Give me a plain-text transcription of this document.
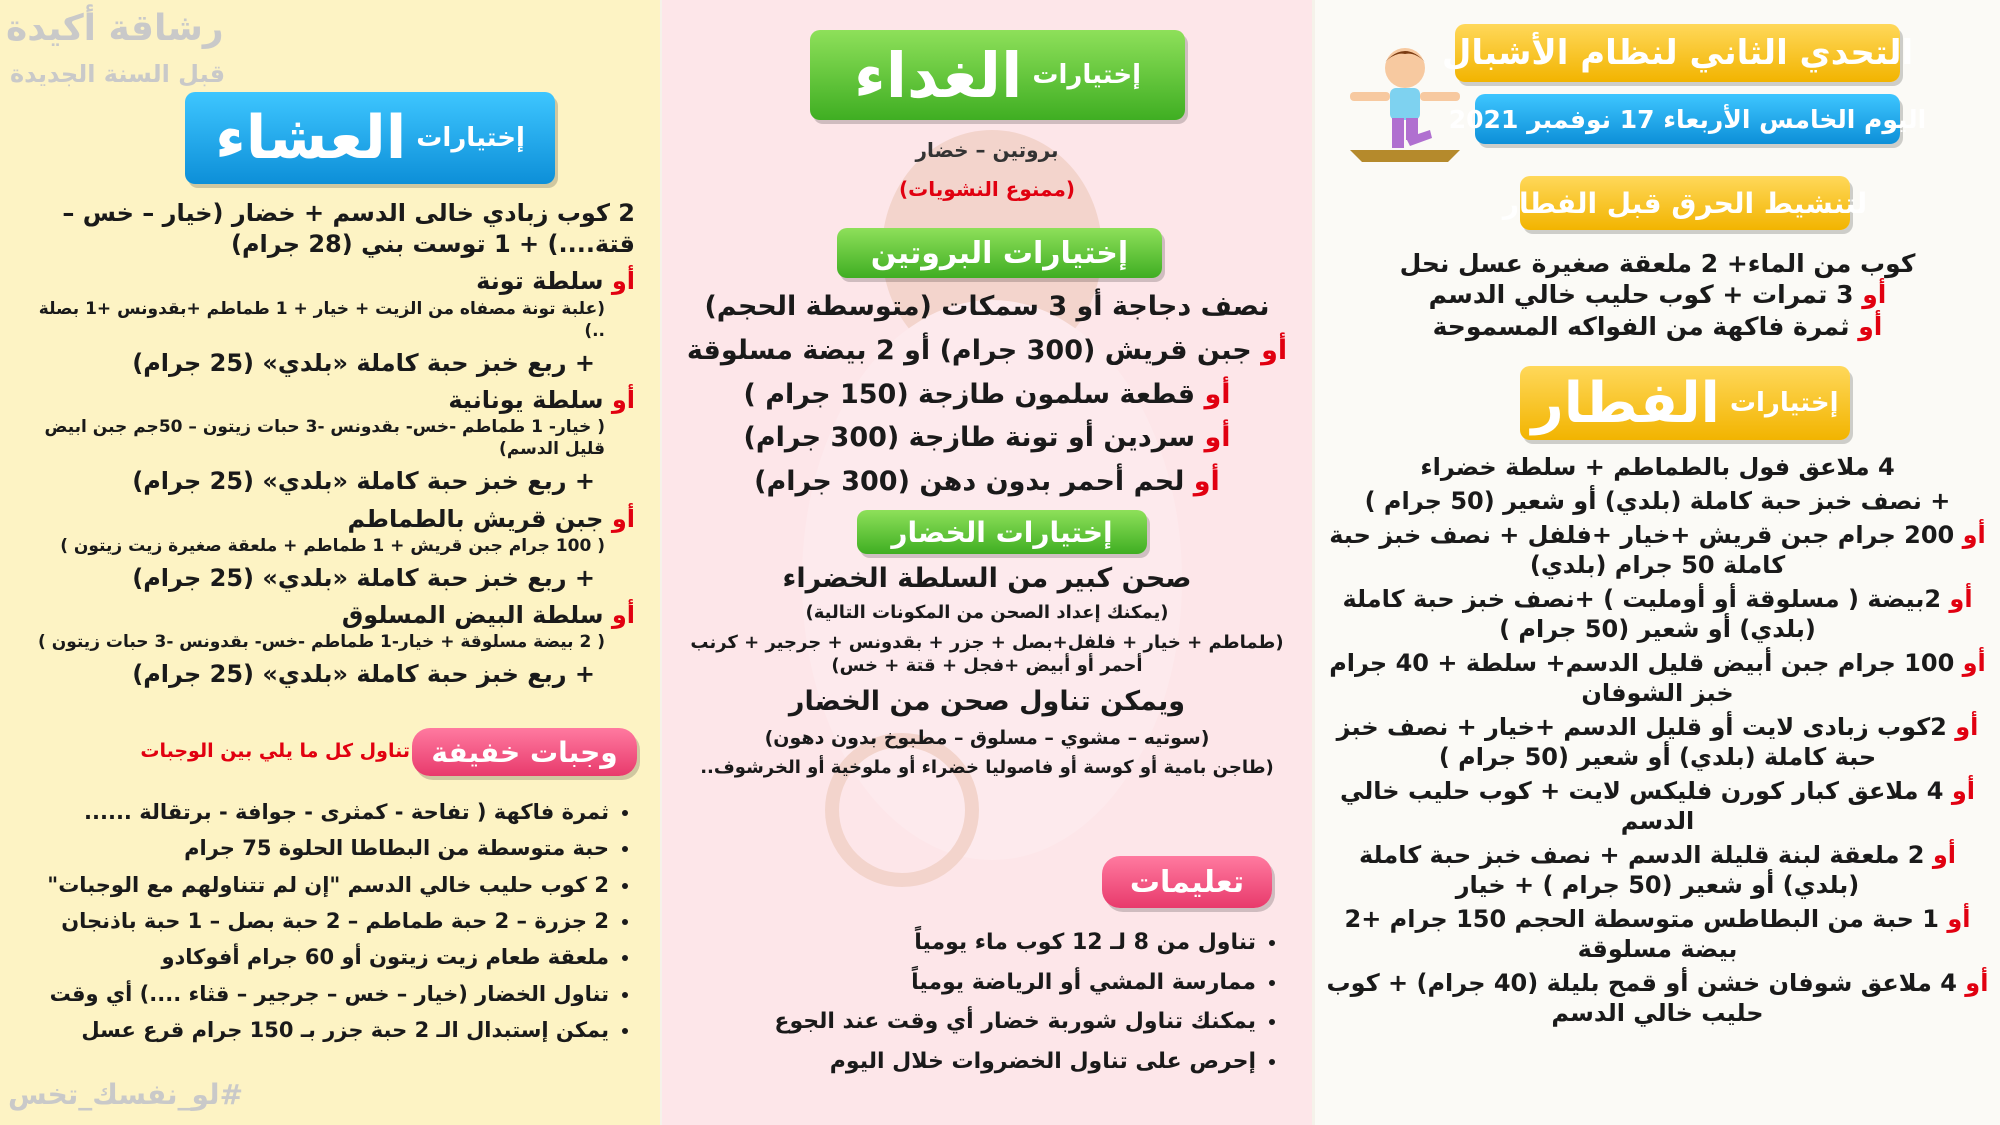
التحدي الثاني لنظام الأشبال
اليوم الخامس الأربعاء 17 نوفمبر 2021
لتنشيط الحرق قبل الفطار

كوب من الماء+ 2 ملعقة صغيرة عسل نحل

أو 3 تمرات + كوب حليب خالي الدسم

أو ثمرة فاكهة من الفواكه المسموحة

إختيارات
الفطار

4 ملاعق فول بالطماطم + سلطة خضراء

+ نصف خبز حبة كاملة (بلدي) أو شعير (50 جرام )

أو 200 جرام جبن قريش +خيار +فلفل + نصف خبز حبة كاملة 50 جرام (بلدي)

أو 2بيضة ( مسلوقة أو أومليت ) +نصف خبز حبة كاملة (بلدي) أو شعير (50 جرام )

أو 100 جرام جبن أبيض قليل الدسم+ سلطة + 40 جرام خبز الشوفان

أو 2كوب زبادى لايت أو قليل الدسم +خيار + نصف خبز حبة كاملة (بلدي) أو شعير (50 جرام )

أو 4 ملاعق كبار كورن فليكس لايت + كوب حليب خالي الدسم

أو 2 ملعقة لبنة قليلة الدسم + نصف خبز حبة كاملة (بلدي) أو شعير (50 جرام ) + خيار

أو 1 حبة من البطاطس متوسطة الحجم 150 جرام +2 بيضة مسلوقة

أو 4 ملاعق شوفان خشن أو قمح بليلة (40 جرام) + كوب حليب خالي الدسم

إختيارات
الغداء

بروتين – خضار

(ممنوع النشويات)

إختيارات البروتين

نصف دجاجة أو 3 سمكات (متوسطة الحجم)

أو جبن قريش (300 جرام) أو 2 بيضة مسلوقة

أو قطعة سلمون طازجة (150 جرام )

أو سردين أو تونة طازجة (300 جرام)

أو لحم أحمر بدون دهن (300 جرام)

إختيارات الخضار

صحن كبير من السلطة الخضراء

(يمكنك إعداد الصحن من المكونات التالية)

(طماطم + خيار + فلفل+بصل + جزر + بقدونس + جرجير + كرنب أحمر أو أبيض +فجل + قتة + خس)

ويمكن تناول صحن من الخضار

(سوتيه – مشوي – مسلوق – مطبوخ بدون دهون)

(طاجن بامية أو كوسة أو فاصوليا خضراء أو ملوخية أو الخرشوف..

تعليمات
• تناول من 8 لـ 12 كوب ماء يومياً
• ممارسة المشي أو الرياضة يومياً
• يمكنك تناول شوربة خضار أي وقت عند الجوع
• إحرص على تناول الخضروات خلال اليوم
رشاقة أكيدة
قبل السنة الجديدة
إختيارات
العشاء
2 كوب زبادي خالى الدسم + خضار (خيار – خس – قتة....) + 1 توست بني (28 جرام)
أو سلطة تونة
(علبة تونة مصفاه من الزيت + خيار + 1 طماطم +بقدونس +1 بصلة ..)
+ ربع خبز حبة كاملة «بلدي» (25 جرام)
أو سلطة يونانية
( خيار- 1 طماطم -خس- بقدونس -3 حبات زيتون – 50جم جبن ابيض قليل الدسم)
+ ربع خبز حبة كاملة «بلدي» (25 جرام)
أو جبن قريش بالطماطم
( 100 جرام جبن قريش + 1 طماطم + ملعقة صغيرة زيت زيتون )
+ ربع خبز حبة كاملة «بلدي» (25 جرام)
أو سلطة البيض المسلوق
( 2 بيضة مسلوقة + خيار-1 طماطم -خس- بقدونس -3 حبات زيتون )
+ ربع خبز حبة كاملة «بلدي» (25 جرام)
وجبات خفيفة
تناول كل ما يلي بين الوجبات
• ثمرة فاكهة ( تفاحة - كمثرى - جوافة - برتقالة ......
• حبة متوسطة من البطاطا الحلوة 75 جرام
• 2 كوب حليب خالي الدسم "إن لم تتناولهم مع الوجبات"
• 2 جزرة – 2 حبة طماطم – 2 حبة بصل – 1 حبة باذنجان
• ملعقة طعام زيت زيتون أو 60 جرام أفوكادو
• تناول الخضار (خيار – خس – جرجير – قثاء ....) أي وقت
• يمكن إستبدال الـ 2 حبة جزر بـ 150 جرام قرع عسل
#لو_نفسك_تخس
